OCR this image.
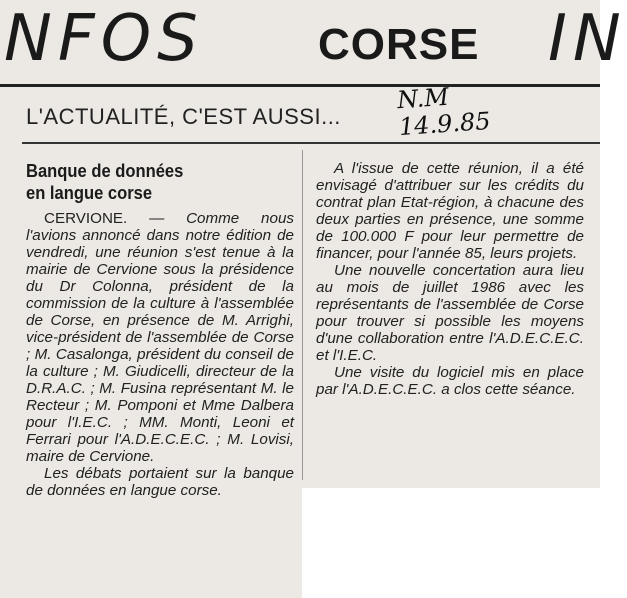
NFOS	CORSE IN
L'ACTUALITÉ, C'EST AUSSI...
N.M
14.9.85
Banque de données
en langue corse

CERVIONE. — Comme nous l'avions annoncé dans notre édition de vendredi, une réunion s'est tenue à la mairie de Cervione sous la présidence du Dr Colonna, président de la commission de la culture à l'assemblée de Corse, en présence de M. Arrighi, vice-président de l'assemblée de Corse ; M. Casalonga, président du conseil de la culture ; M. Giudicelli, directeur de la D.R.A.C. ; M. Fusina représentant M. le Recteur ; M. Pomponi et Mme Dalbera pour l'I.E.C. ; MM. Monti, Leoni et Ferrari pour l'A.D.E.C.E.C. ; M. Lovisi, maire de Cervione.

Les débats portaient sur la banque de données en langue corse.

A l'issue de cette réunion, il a été envisagé d'attribuer sur les crédits du contrat plan Etat-région, à chacune des deux parties en présence, une somme de 100.000 F pour leur permettre de financer, pour l'année 85, leurs projets.

Une nouvelle concertation aura lieu au mois de juillet 1986 avec les représentants de l'assemblée de Corse pour trouver si possible les moyens d'une collaboration entre l'A.D.E.C.E.C. et l'I.E.C.

Une visite du logiciel mis en place par l'A.D.E.C.E.C. a clos cette séance.
